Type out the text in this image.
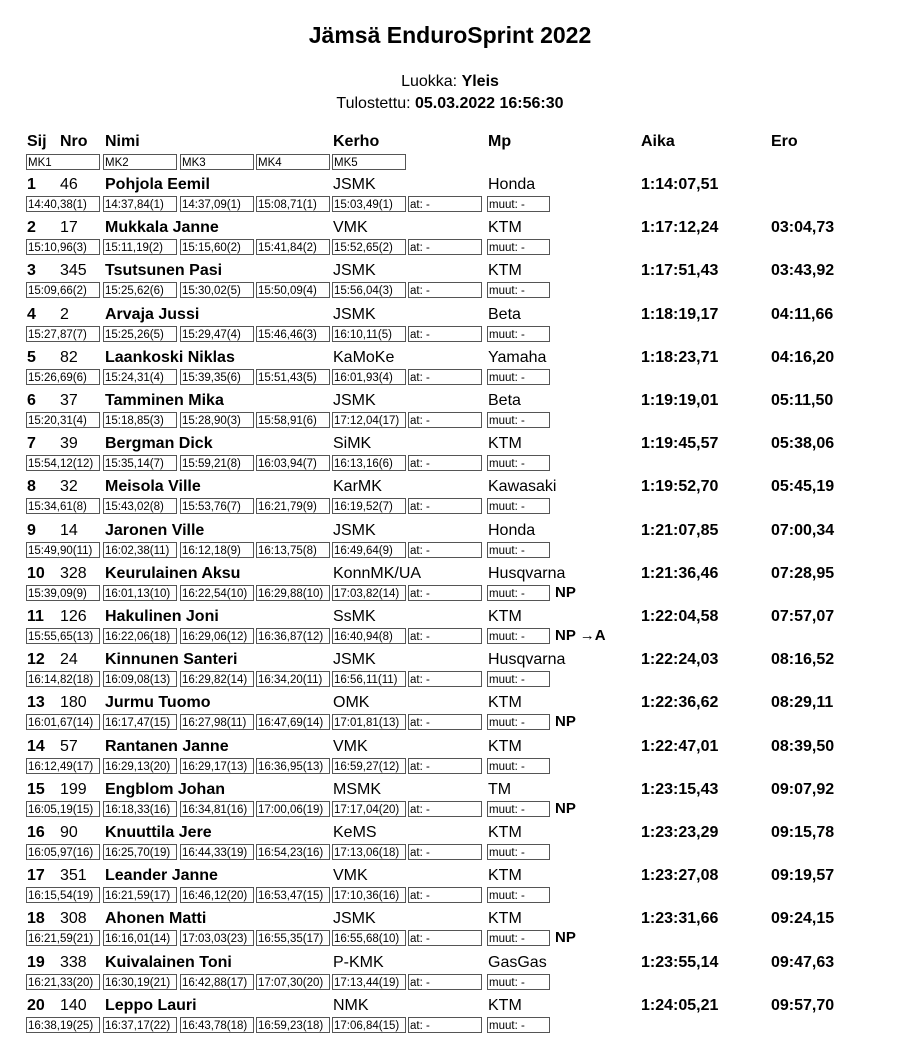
Jämsä EnduroSprint 2022
Luokka: Yleis
Tulostettu: 05.03.2022 16:56:30
Sij Nro Nimi	Kerho	Mp	Aika	Ero
MK1	MK2	MK3	MK4	MK5
1 46 Pohjola Eemil	JSMK	Honda	1:14:07,51
14:40,38(1)	14:37,84(1)	14:37,09(1)	15:08,71(1)	15:03,49(1)	at: -	muut: -
2 17 Mukkala Janne	VMK	KTM	1:17:12,24	03:04,73
15:10,96(3)	15:11,19(2)	15:15,60(2)	15:41,84(2)	15:52,65(2)	at: -	muut: -
3 345 Tsutsunen Pasi	JSMK	KTM	1:17:51,43	03:43,92
15:09,66(2)	15:25,62(6)	15:30,02(5)	15:50,09(4)	15:56,04(3)	at: -	muut: -
4 2 Arvaja Jussi	JSMK	Beta	1:18:19,17	04:11,66
15:27,87(7)	15:25,26(5)	15:29,47(4)	15:46,46(3)	16:10,11(5)	at: -	muut: -
5 82 Laankoski Niklas	KaMoKe	Yamaha	1:18:23,71	04:16,20
15:26,69(6)	15:24,31(4)	15:39,35(6)	15:51,43(5)	16:01,93(4)	at: -	muut: -
6 37 Tamminen Mika	JSMK	Beta	1:19:19,01	05:11,50
15:20,31(4)	15:18,85(3)	15:28,90(3)	15:58,91(6)	17:12,04(17) at: -	muut: -
7 39 Bergman Dick	SiMK	KTM	1:19:45,57	05:38,06
15:54,12(12)	15:35,14(7)	15:59,21(8)	16:03,94(7)	16:13,16(6)	at: -	muut: -
8 32 Meisola Ville	KarMK	Kawasaki	1:19:52,70	05:45,19
15:34,61(8)	15:43,02(8)	15:53,76(7)	16:21,79(9)	16:19,52(7)	at: -	muut: -
9 14 Jaronen Ville	JSMK	Honda	1:21:07,85	07:00,34
15:49,90(11)	16:02,38(11)	16:12,18(9)	16:13,75(8)	16:49,64(9)	at: -	muut: -
10 328 Keurulainen Aksu	KonnMK/UA	Husqvarna	1:21:36,46	07:28,95
15:39,09(9)	16:01,13(10)	16:22,54(10) 16:29,88(10) 17:03,82(14) at: -	muut: -	NP
11 126 Hakulinen Joni	SsMK	KTM	1:22:04,58	07:57,07
15:55,65(13)	16:22,06(18)	16:29,06(12) 16:36,87(12) 16:40,94(8)	at: -	muut: -	NP →A
12 24 Kinnunen Santeri	JSMK	Husqvarna	1:22:24,03	08:16,52
16:14,82(18)	16:09,08(13)	16:29,82(14) 16:34,20(11)	16:56,11(11)	at: -	muut: -
13 180 Jurmu Tuomo	OMK	KTM	1:22:36,62	08:29,11
16:01,67(14)	16:17,47(15)	16:27,98(11)	16:47,69(14) 17:01,81(13) at: -	muut: -	NP
14 57 Rantanen Janne	VMK	KTM	1:22:47,01	08:39,50
16:12,49(17)	16:29,13(20)	16:29,17(13) 16:36,95(13) 16:59,27(12) at: -	muut: -
15 199 Engblom Johan	MSMK	TM	1:23:15,43	09:07,92
16:05,19(15)	16:18,33(16)	16:34,81(16) 17:00,06(19) 17:17,04(20) at: -	muut: -	NP
16 90 Knuuttila Jere	KeMS	KTM	1:23:23,29	09:15,78
16:05,97(16)	16:25,70(19)	16:44,33(19) 16:54,23(16) 17:13,06(18) at: -	muut: -
17 351 Leander Janne	VMK	KTM	1:23:27,08	09:19,57
16:15,54(19)	16:21,59(17)	16:46,12(20) 16:53,47(15) 17:10,36(16) at: -	muut: -
18 308 Ahonen Matti	JSMK	KTM	1:23:31,66	09:24,15
16:21,59(21)	16:16,01(14)	17:03,03(23) 16:55,35(17) 16:55,68(10) at: -	muut: -	NP
19 338 Kuivalainen Toni	P-KMK	GasGas	1:23:55,14	09:47,63
16:21,33(20)	16:30,19(21)	16:42,88(17) 17:07,30(20) 17:13,44(19) at: -	muut: -
20 140 Leppo Lauri	NMK	KTM	1:24:05,21	09:57,70
16:38,19(25)	16:37,17(22)	16:43,78(18) 16:59,23(18) 17:06,84(15) at: -	muut: -
